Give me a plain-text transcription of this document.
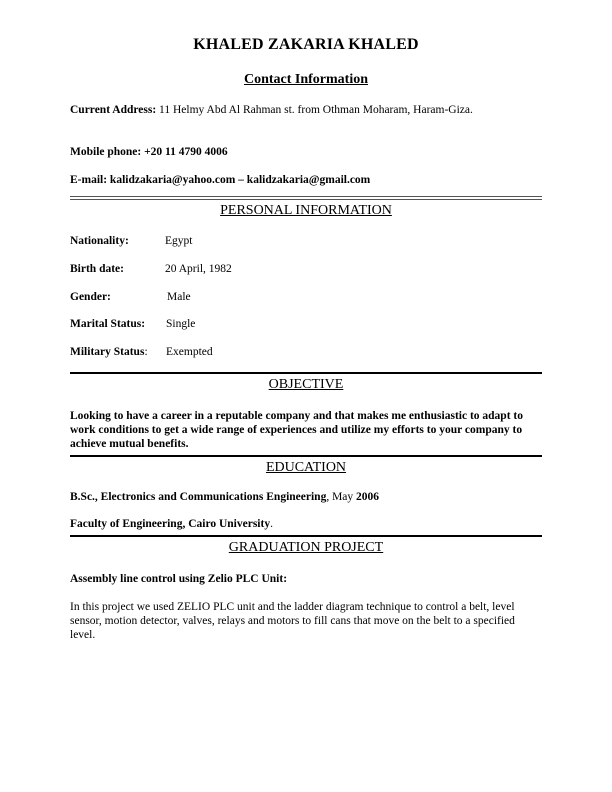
KHALED ZAKARIA KHALED
Contact Information
Current Address: 11 Helmy Abd Al Rahman st. from Othman Moharam, Haram-Giza.
Mobile phone: +20 11 4790 4006
E-mail: kalidzakaria@yahoo.com – kalidzakaria@gmail.com
PERSONAL INFORMATION
Nationality:	Egypt
Birth date:	20 April, 1982
Gender:	Male
Marital Status: Single
Military Status: Exempted
OBJECTIVE
Looking to have a career in a reputable company and that makes me enthusiastic to adapt to work conditions to get a wide range of experiences and utilize my efforts to your company to achieve mutual benefits.
EDUCATION
B.Sc., Electronics and Communications Engineering, May 2006
Faculty of Engineering, Cairo University.
GRADUATION PROJECT
Assembly line control using Zelio PLC Unit:
In this project we used ZELIO PLC unit and the ladder diagram technique to control a belt, level sensor, motion detector, valves, relays and motors to fill cans that move on the belt to a specified level.
